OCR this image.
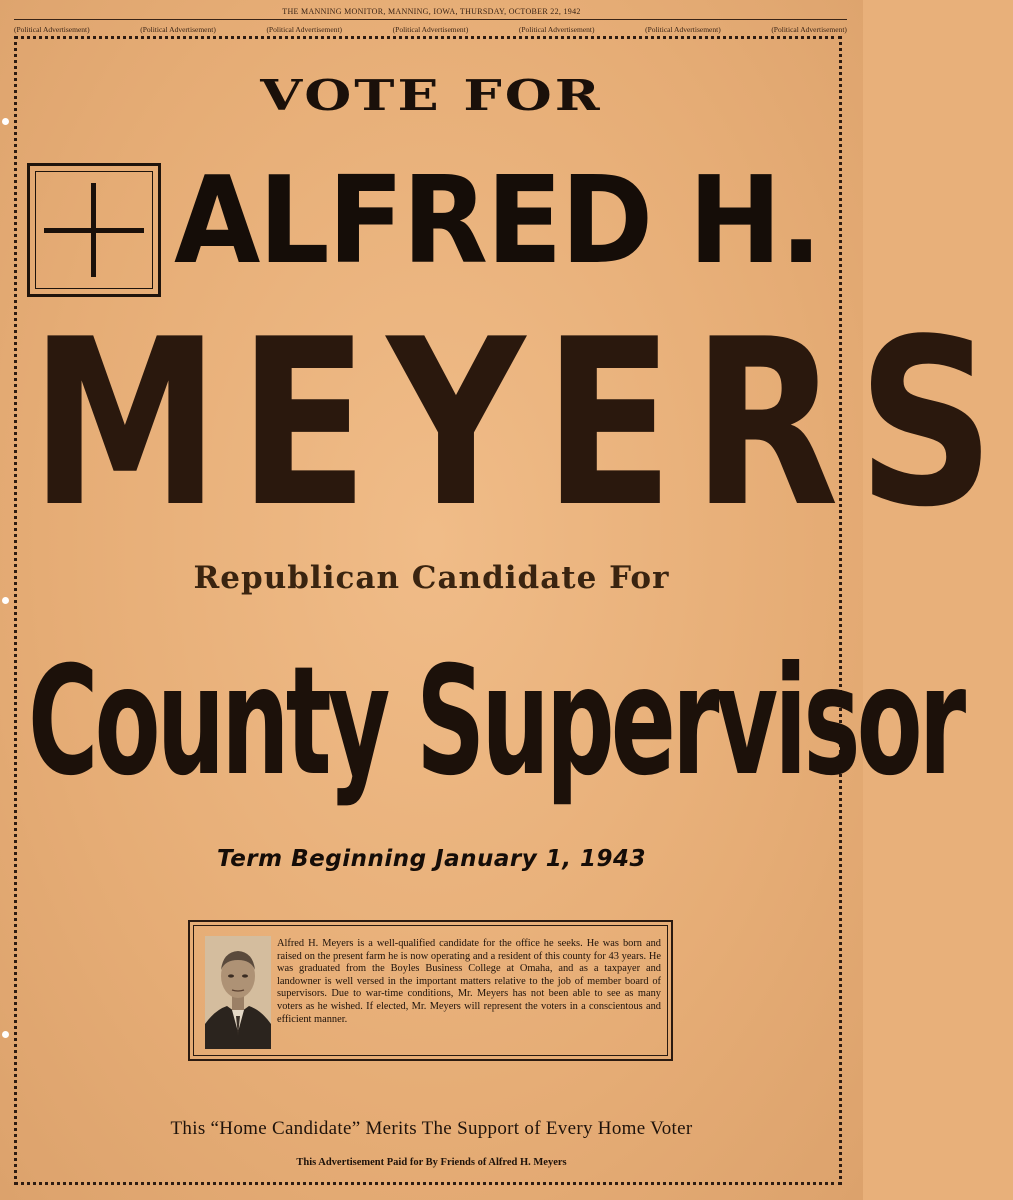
THE MANNING MONITOR, MANNING, IOWA, THURSDAY, OCTOBER 22, 1942
(Political Advertisement)	(Political Advertisement)	(Political Advertisement)	(Political Advertisement)	(Political Advertisement)	(Political Advertisement)	(Political Advertisement)
VOTE FOR
ALFRED H.
MEYERS
Republican Candidate For
County Supervisor
Term Beginning January 1, 1943
Alfred H. Meyers is a well-qualified candidate for the office he seeks. He was born and raised on the present farm he is now operating and a resident of this county for 43 years. He was graduated from the Boyles Business College at Omaha, and as a taxpayer and landowner is well versed in the important matters relative to the job of member board of supervisors. Due to war-time conditions, Mr. Meyers has not been able to see as many voters as he wished. If elected, Mr. Meyers will represent the voters in a conscientous and efficient manner.
This “Home Candidate” Merits The Support of Every Home Voter
This Advertisement Paid for By Friends of Alfred H. Meyers
